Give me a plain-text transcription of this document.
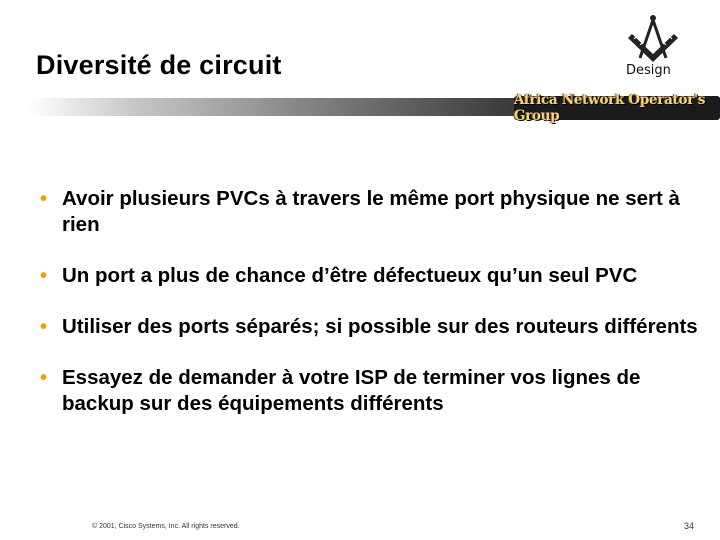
Diversité de circuit	Design
Africa Network Operator's Group
• Avoir plusieurs PVCs à travers le même port physique ne sert à rien
• Un port a plus de chance d’être défectueux qu’un seul PVC
• Utiliser des ports séparés; si possible sur des routeurs différents
• Essayez de demander à votre ISP de terminer vos lignes de backup sur des équipements différents
© 2001, Cisco Systems, Inc. All rights reserved.	34
